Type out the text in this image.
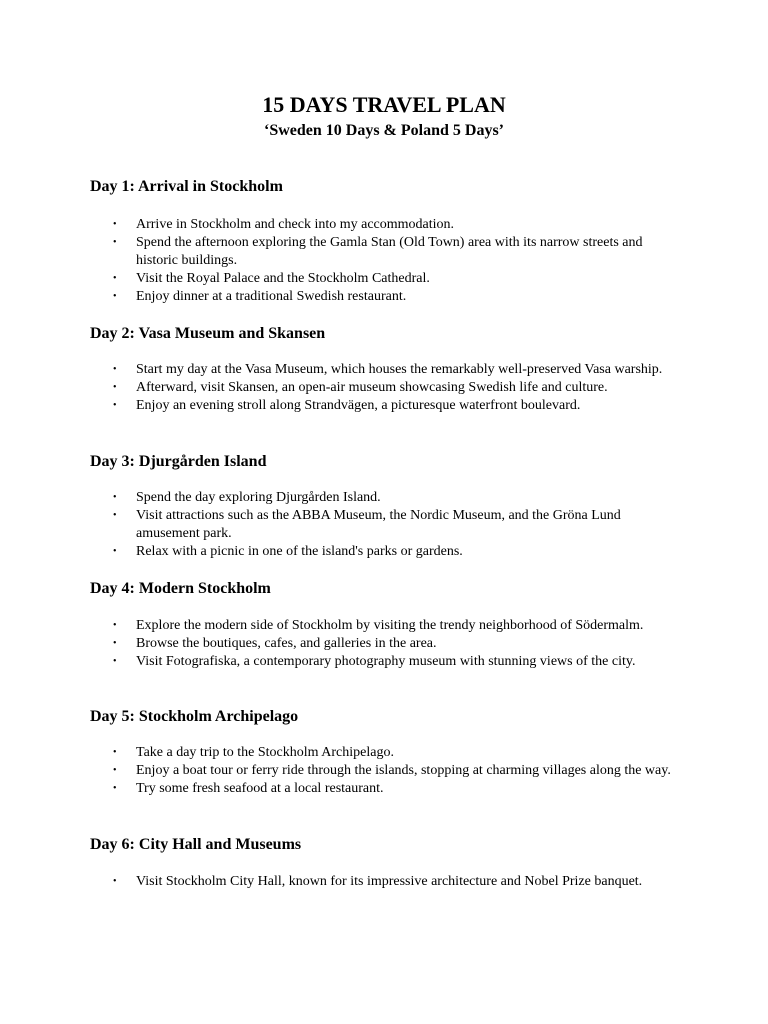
15 DAYS TRAVEL PLAN
‘Sweden 10 Days & Poland 5 Days’
Day 1: Arrival in Stockholm
• Arrive in Stockholm and check into my accommodation.
• Spend the afternoon exploring the Gamla Stan (Old Town) area with its narrow streets and historic buildings.
• Visit the Royal Palace and the Stockholm Cathedral.
• Enjoy dinner at a traditional Swedish restaurant.
Day 2: Vasa Museum and Skansen
• Start my day at the Vasa Museum, which houses the remarkably well-preserved Vasa warship.
• Afterward, visit Skansen, an open-air museum showcasing Swedish life and culture.
• Enjoy an evening stroll along Strandvägen, a picturesque waterfront boulevard.
Day 3: Djurgården Island
• Spend the day exploring Djurgården Island.
• Visit attractions such as the ABBA Museum, the Nordic Museum, and the Gröna Lund amusement park.
• Relax with a picnic in one of the island's parks or gardens.
Day 4: Modern Stockholm
• Explore the modern side of Stockholm by visiting the trendy neighborhood of Södermalm.
• Browse the boutiques, cafes, and galleries in the area.
• Visit Fotografiska, a contemporary photography museum with stunning views of the city.
Day 5: Stockholm Archipelago
• Take a day trip to the Stockholm Archipelago.
• Enjoy a boat tour or ferry ride through the islands, stopping at charming villages along the way.
• Try some fresh seafood at a local restaurant.
Day 6: City Hall and Museums
• Visit Stockholm City Hall, known for its impressive architecture and Nobel Prize banquet.
